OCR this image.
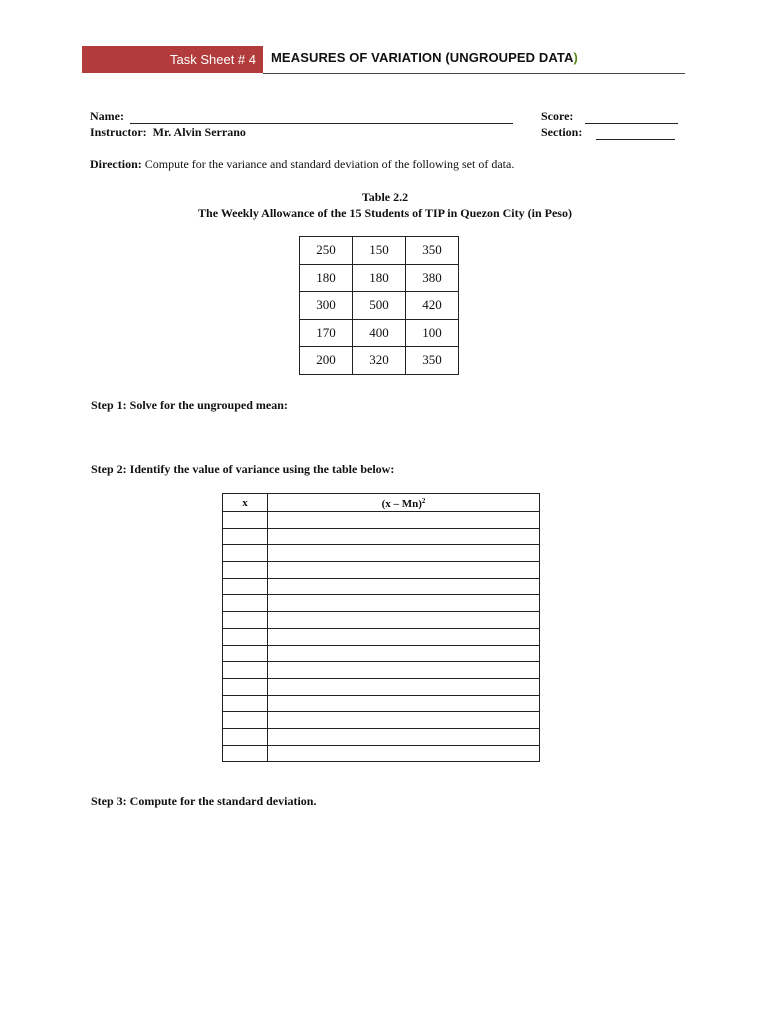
Task Sheet # 4	MEASURES OF VARIATION (UNGROUPED DATA)
Name:	Score:
Instructor: Mr. Alvin Serrano	Section:
Direction: Compute for the variance and standard deviation of the following set of data.
Table 2.2
The Weekly Allowance of the 15 Students of TIP in Quezon City (in Peso)
250	150	350
180	180	380
300	500	420
170	400	100
200	320	350
Step 1: Solve for the ungrouped mean:
Step 2: Identify the value of variance using the table below:
x	(x – Mn)$^2$

Step 3: Compute for the standard deviation.
